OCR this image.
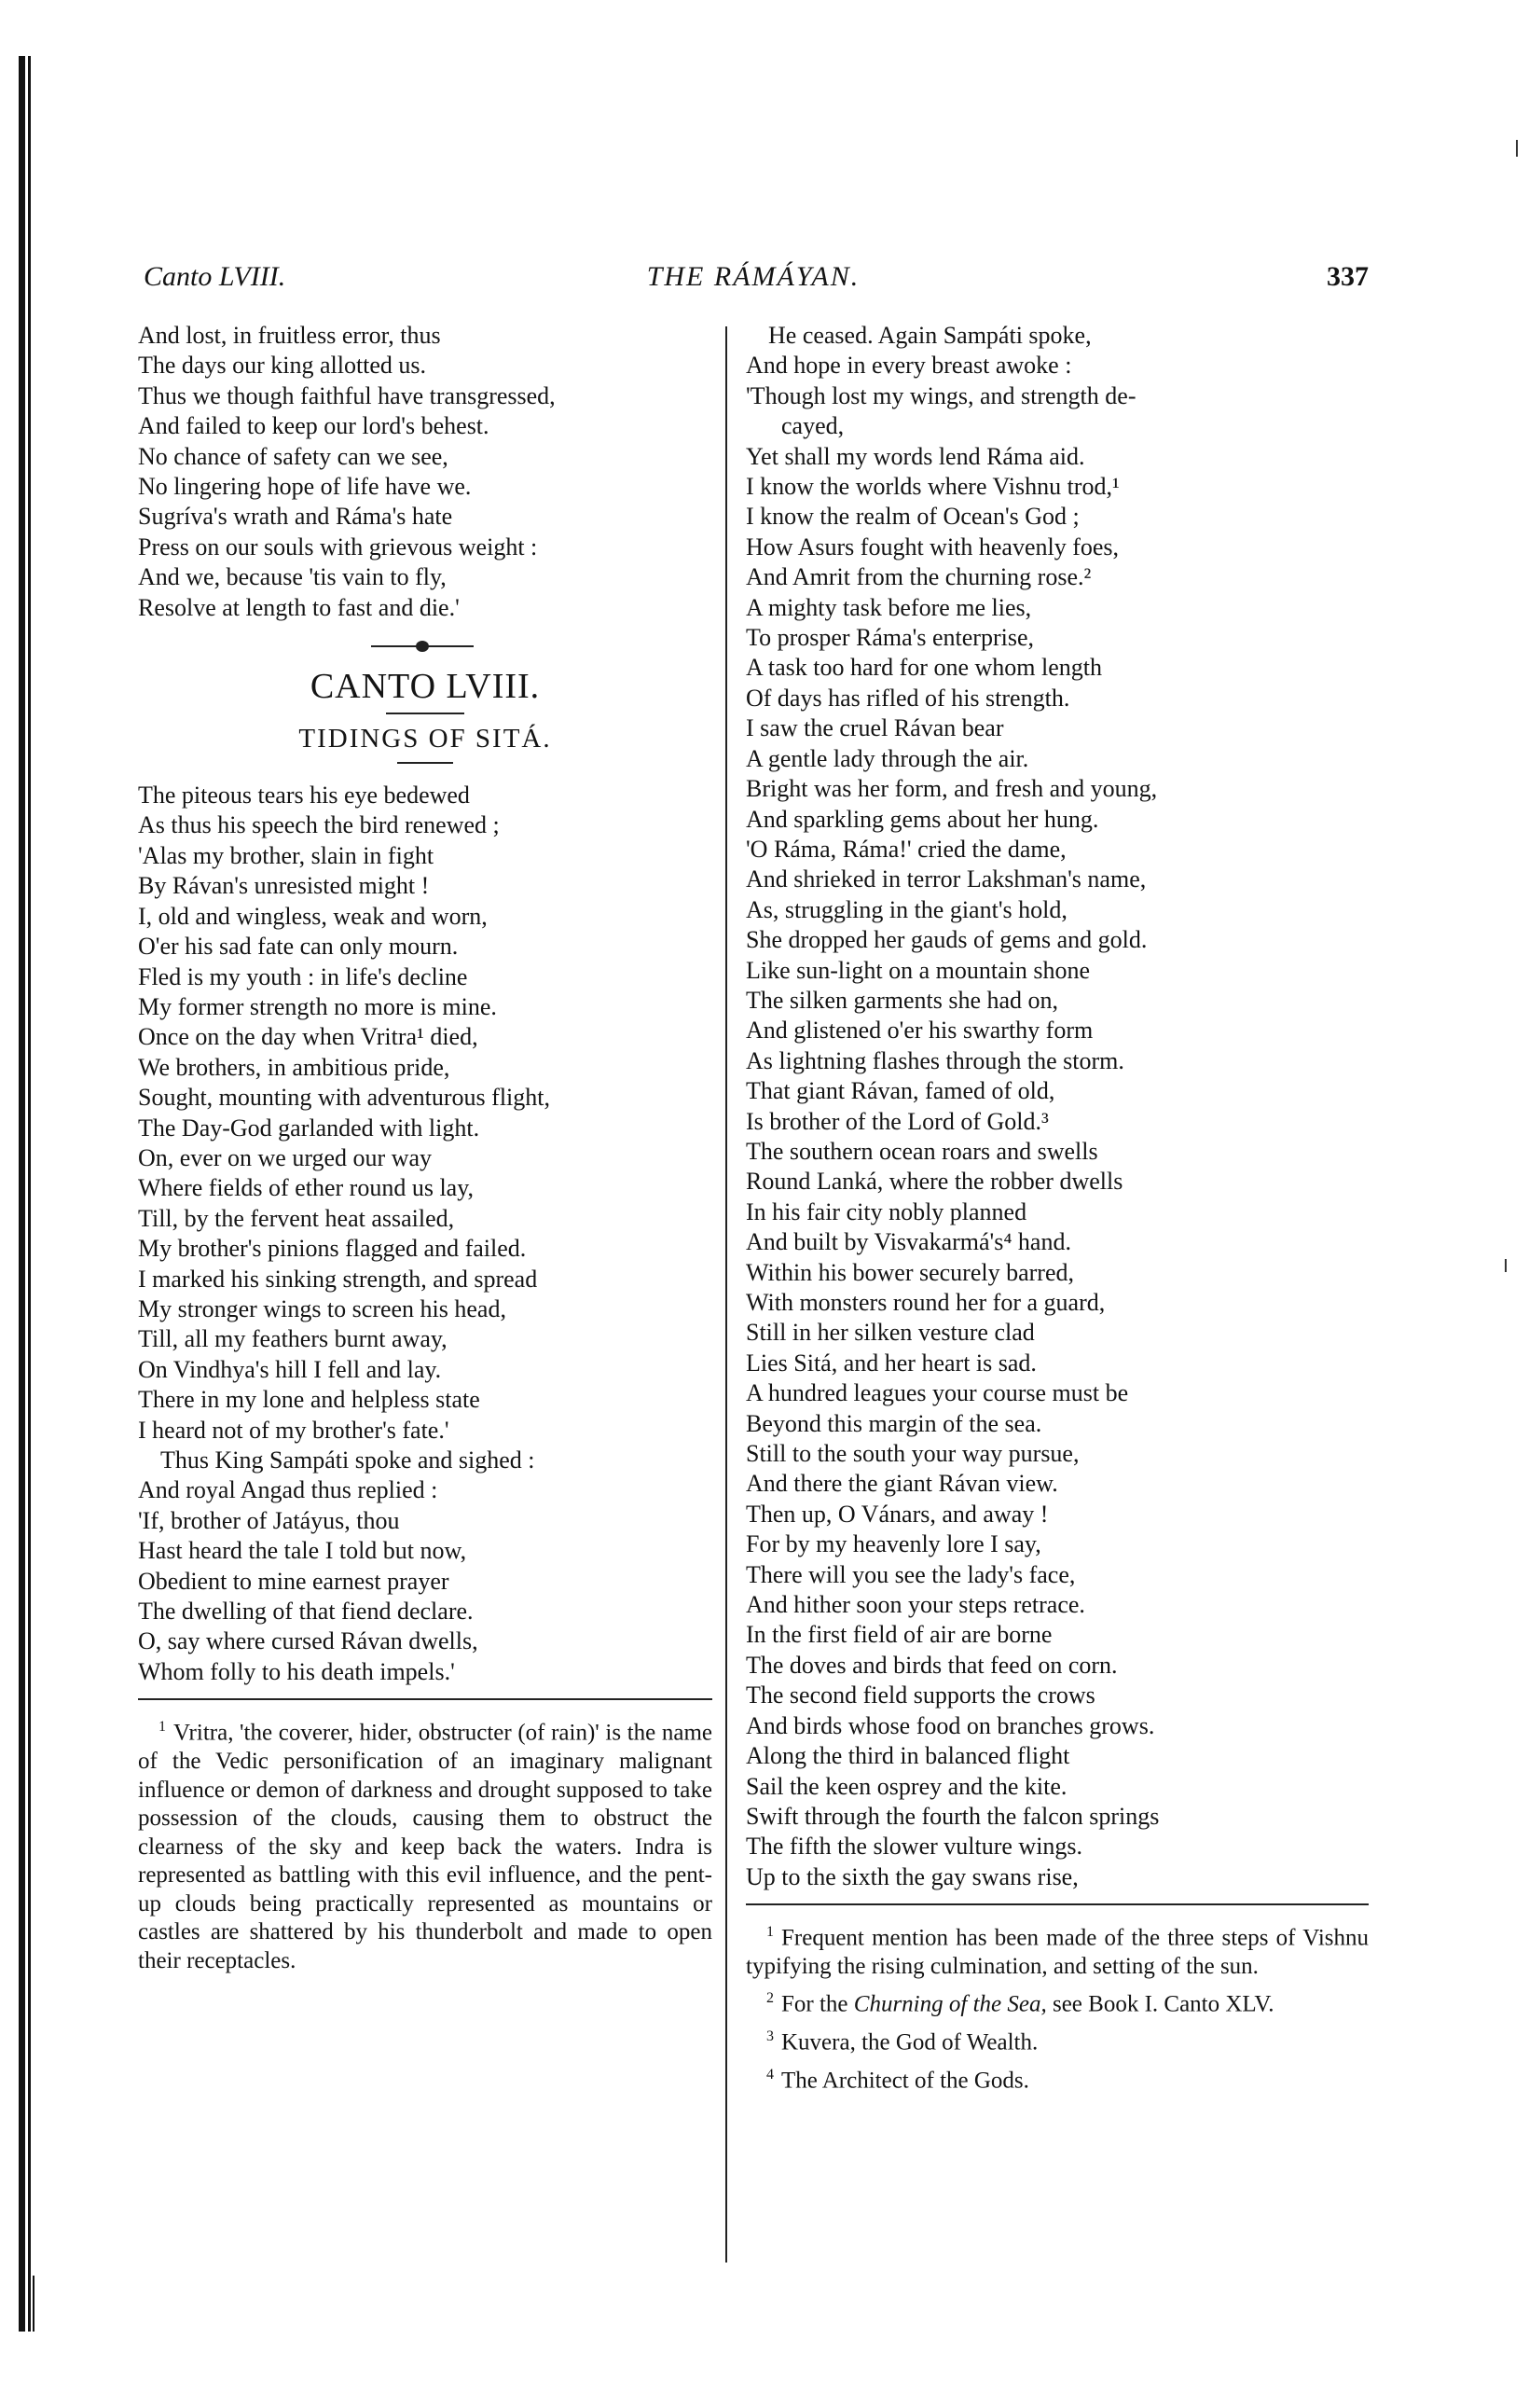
Canto LVIII.	THE RÁMÁYAN.	337
And lost, in fruitless error, thus
The days our king allotted us.
Thus we though faithful have transgressed,
And failed to keep our lord's behest.
No chance of safety can we see,
No lingering hope of life have we.
Sugríva's wrath and Ráma's hate
Press on our souls with grievous weight :
And we, because 'tis vain to fly,
Resolve at length to fast and die.'
CANTO LVIII.
TIDINGS OF SITÁ.
The piteous tears his eye bedewed
As thus his speech the bird renewed ;
'Alas my brother, slain in fight
By Rávan's unresisted might !
I, old and wingless, weak and worn,
O'er his sad fate can only mourn.
Fled is my youth : in life's decline
My former strength no more is mine.
Once on the day when Vritra¹ died,
We brothers, in ambitious pride,
Sought, mounting with adventurous flight,
The Day-God garlanded with light.
On, ever on we urged our way
Where fields of ether round us lay,
Till, by the fervent heat assailed,
My brother's pinions flagged and failed.
I marked his sinking strength, and spread
My stronger wings to screen his head,
Till, all my feathers burnt away,
On Vindhya's hill I fell and lay.
There in my lone and helpless state
I heard not of my brother's fate.'
Thus King Sampáti spoke and sighed :
And royal Angad thus replied :
'If, brother of Jatáyus, thou
Hast heard the tale I told but now,
Obedient to mine earnest prayer
The dwelling of that fiend declare.
O, say where cursed Rávan dwells,
Whom folly to his death impels.'
$^1$ Vritra, 'the coverer, hider, obstructer (of rain)' is the name of the Vedic personification of an imaginary malignant influence or demon of darkness and drought supposed to take possession of the clouds, causing them to obstruct the clearness of the sky and keep back the waters. Indra is represented as battling with this evil influence, and the pent-up clouds being practically represented as mountains or castles are shattered by his thunderbolt and made to open their receptacles.
He ceased. Again Sampáti spoke,
And hope in every breast awoke :
'Though lost my wings, and strength de-
cayed,
Yet shall my words lend Ráma aid.
I know the worlds where Vishnu trod,¹
I know the realm of Ocean's God ;
How Asurs fought with heavenly foes,
And Amrit from the churning rose.²
A mighty task before me lies,
To prosper Ráma's enterprise,
A task too hard for one whom length
Of days has rifled of his strength.
I saw the cruel Rávan bear
A gentle lady through the air.
Bright was her form, and fresh and young,
And sparkling gems about her hung.
'O Ráma, Ráma!' cried the dame,
And shrieked in terror Lakshman's name,
As, struggling in the giant's hold,
She dropped her gauds of gems and gold.
Like sun-light on a mountain shone
The silken garments she had on,
And glistened o'er his swarthy form
As lightning flashes through the storm.
That giant Rávan, famed of old,
Is brother of the Lord of Gold.³
The southern ocean roars and swells
Round Lanká, where the robber dwells
In his fair city nobly planned
And built by Visvakarmá's⁴ hand.
Within his bower securely barred,
With monsters round her for a guard,
Still in her silken vesture clad
Lies Sitá, and her heart is sad.
A hundred leagues your course must be
Beyond this margin of the sea.
Still to the south your way pursue,
And there the giant Rávan view.
Then up, O Vánars, and away !
For by my heavenly lore I say,
There will you see the lady's face,
And hither soon your steps retrace.
In the first field of air are borne
The doves and birds that feed on corn.
The second field supports the crows
And birds whose food on branches grows.
Along the third in balanced flight
Sail the keen osprey and the kite.
Swift through the fourth the falcon springs
The fifth the slower vulture wings.
Up to the sixth the gay swans rise,
$^1$ Frequent mention has been made of the three steps of Vishnu typifying the rising culmination, and setting of the sun.
$^2$ For the Churning of the Sea, see Book I. Canto XLV.
$^3$ Kuvera, the God of Wealth.
$^4$ The Architect of the Gods.
